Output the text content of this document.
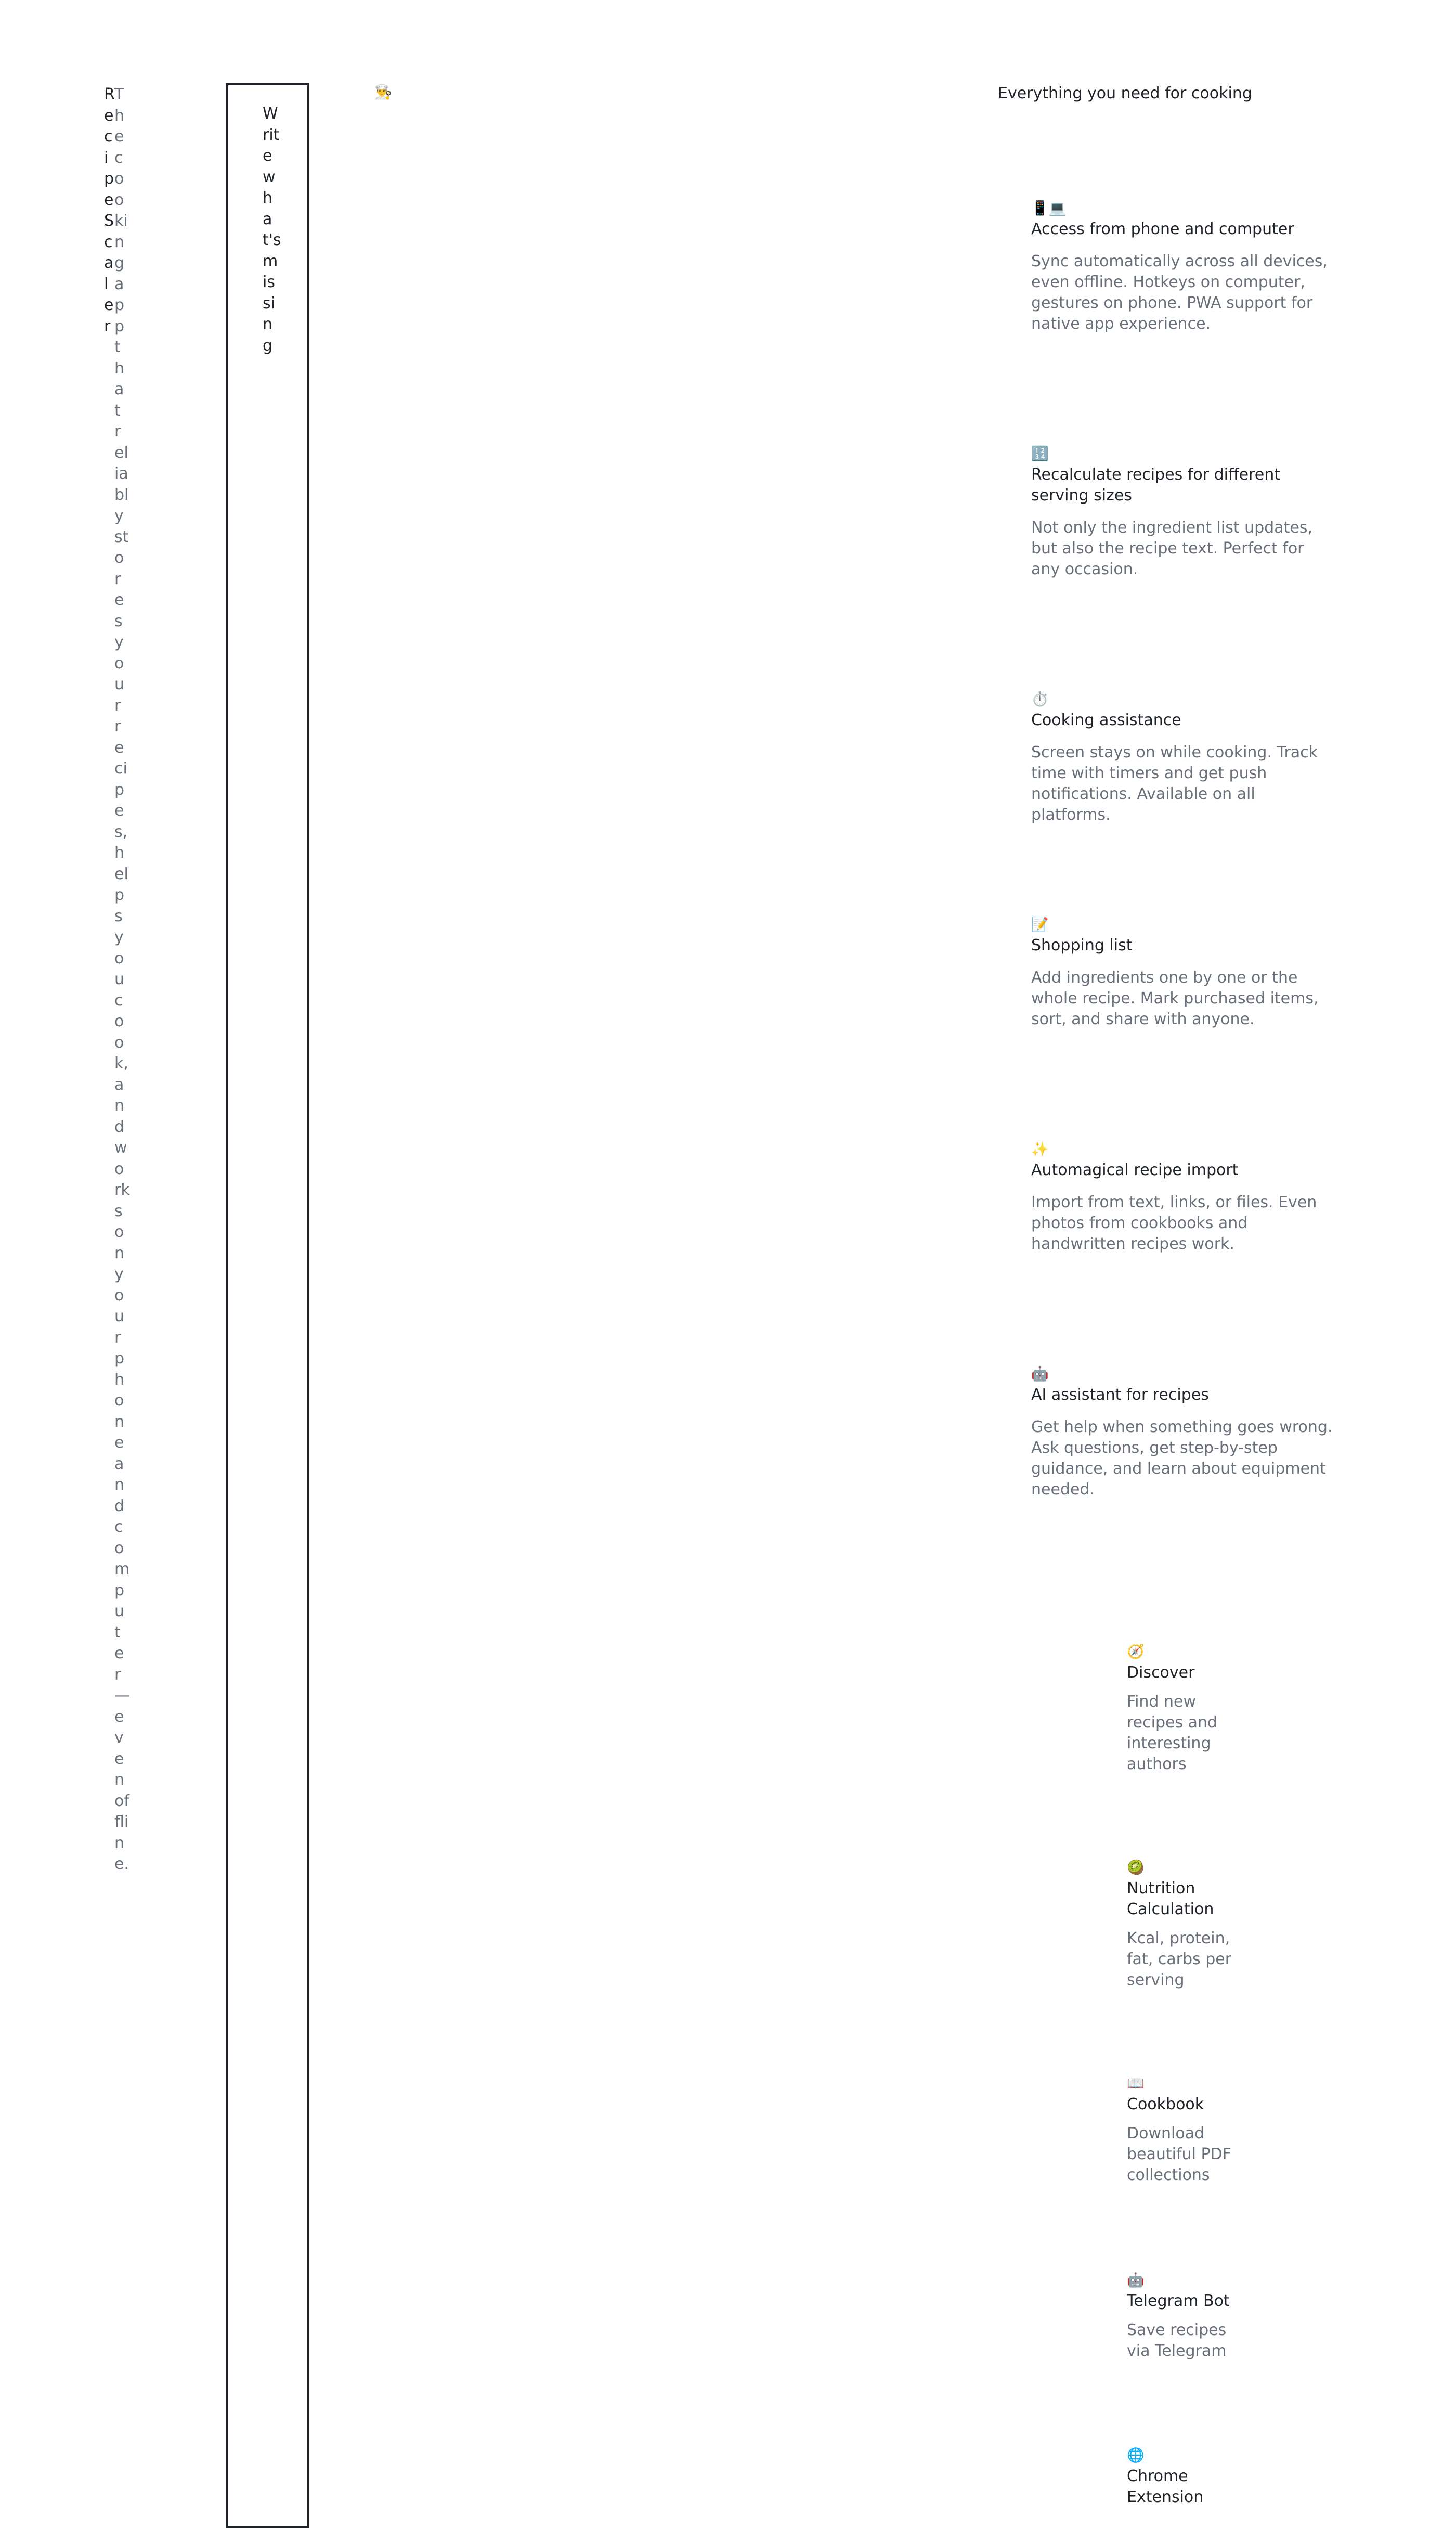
Recipe Scaler
The cooking app that reliably stores your recipes, helps you cook, and works on your phone and computer — even offline.
Write what's missing
👨‍🍳	Everything you need for cooking
📱💻
Access from phone and computer
Sync automatically across all devices, even offline. Hotkeys on computer, gestures on phone. PWA support for native app experience.
🔢
Recalculate recipes for different serving sizes
Not only the ingredient list updates, but also the recipe text. Perfect for any occasion.
⏱️
Cooking assistance
Screen stays on while cooking. Track time with timers and get push notifications. Available on all platforms.
📝
Shopping list
Add ingredients one by one or the whole recipe. Mark purchased items, sort, and share with anyone.
✨
Automagical recipe import
Import from text, links, or files. Even photos from cookbooks and handwritten recipes work.
🤖
AI assistant for recipes
Get help when something goes wrong. Ask questions, get step-by-step guidance, and learn about equipment needed.
🧭
Discover
Find new recipes and interesting authors
🥝
Nutrition Calculation
Kcal, protein, fat, carbs per serving
📖
Cookbook
Download beautiful PDF collections
🤖
Telegram Bot
Save recipes via Telegram
🌐
Chrome Extension
